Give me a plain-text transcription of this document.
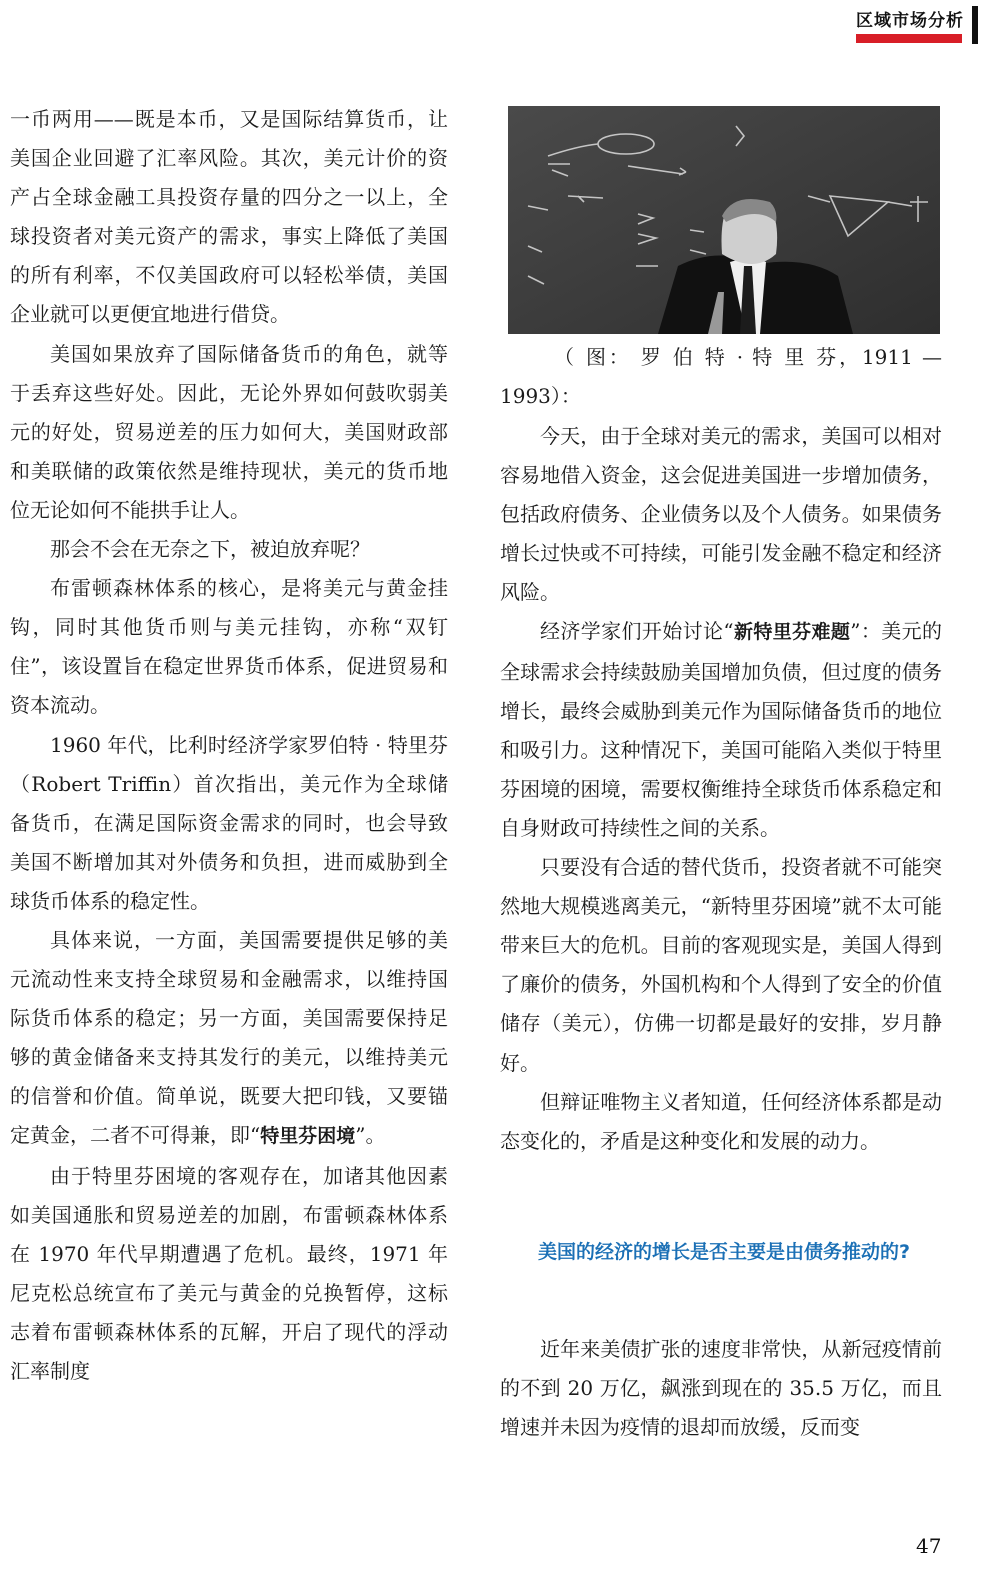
区域市场分析

一币两用——既是本币，又是国际结算货币，让美国企业回避了汇率风险。其次，美元计价的资产占全球金融工具投资存量的四分之一以上，全球投资者对美元资产的需求，事实上降低了美国的所有利率，不仅美国政府可以轻松举债，美国企业就可以更便宜地进行借贷。

美国如果放弃了国际储备货币的角色，就等于丢弃这些好处。因此，无论外界如何鼓吹弱美元的好处，贸易逆差的压力如何大，美国财政部和美联储的政策依然是维持现状，美元的货币地位无论如何不能拱手让人。

那会不会在无奈之下，被迫放弃呢？

布雷顿森林体系的核心，是将美元与黄金挂钩，同时其他货币则与美元挂钩，亦称“双钉住”，该设置旨在稳定世界货币体系，促进贸易和资本流动。

1960 年代，比利时经济学家罗伯特 · 特里芬（Robert Triffin）首次指出，美元作为全球储备货币，在满足国际资金需求的同时，也会导致美国不断增加其对外债务和负担，进而威胁到全球货币体系的稳定性。

具体来说，一方面，美国需要提供足够的美元流动性来支持全球贸易和金融需求，以维持国际货币体系的稳定；另一方面，美国需要保持足够的黄金储备来支持其发行的美元，以维持美元的信誉和价值。简单说，既要大把印钱，又要锚定黄金，二者不可得兼，即“特里芬困境”。

由于特里芬困境的客观存在，加诸其他因素如美国通胀和贸易逆差的加剧，布雷顿森林体系在 1970 年代早期遭遇了危机。最终，1971 年尼克松总统宣布了美元与黄金的兑换暂停，这标志着布雷顿森林体系的瓦解，开启了现代的浮动汇率制度

（ 图： 罗 伯 特 · 特 里 芬，1911 —
1993）：

今天，由于全球对美元的需求，美国可以相对容易地借入资金，这会促进美国进一步增加债务，包括政府债务、企业债务以及个人债务。如果债务增长过快或不可持续，可能引发金融不稳定和经济风险。

经济学家们开始讨论“新特里芬难题”：美元的全球需求会持续鼓励美国增加负债，但过度的债务增长，最终会威胁到美元作为国际储备货币的地位和吸引力。这种情况下，美国可能陷入类似于特里芬困境的困境，需要权衡维持全球货币体系稳定和自身财政可持续性之间的关系。

只要没有合适的替代货币，投资者就不可能突然地大规模逃离美元，“新特里芬困境”就不太可能带来巨大的危机。目前的客观现实是，美国人得到了廉价的债务，外国机构和个人得到了安全的价值储存（美元），仿佛一切都是最好的安排，岁月静好。

但辩证唯物主义者知道，任何经济体系都是动态变化的，矛盾是这种变化和发展的动力。

美国的经济的增长是否主要是由债务推动的?

近年来美债扩张的速度非常快，从新冠疫情前的不到 20 万亿，飙涨到现在的 35.5 万亿，而且增速并未因为疫情的退却而放缓，反而变

47
